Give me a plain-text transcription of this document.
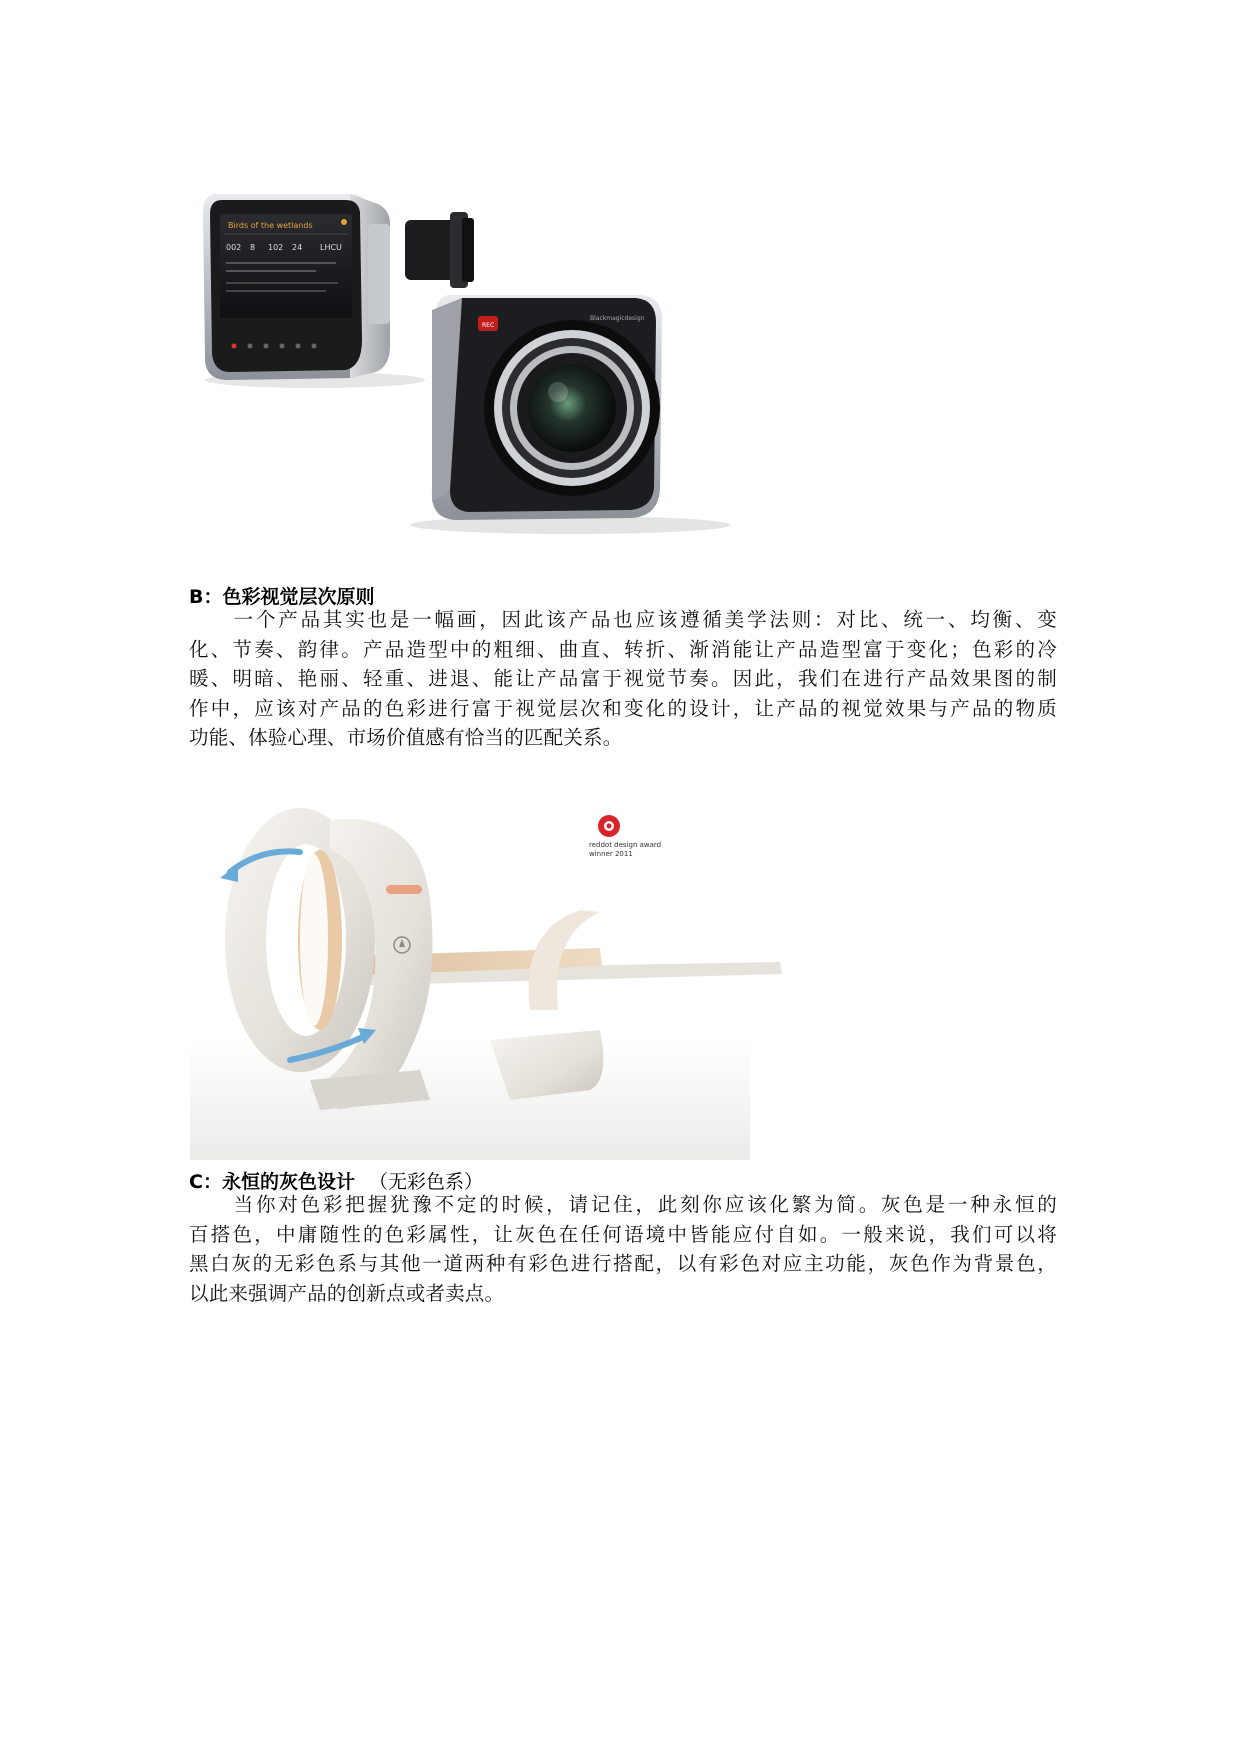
Birds of the wetlands
002 8 102 24 LHCU
REC
Blackmagicdesign
B：色彩视觉层次原则
　　一个产品其实也是一幅画，因此该产品也应该遵循美学法则：对比、统一、均衡、变
化、节奏、韵律。产品造型中的粗细、曲直、转折、渐消能让产品造型富于变化；色彩的冷
暖、明暗、艳丽、轻重、进退、能让产品富于视觉节奏。因此，我们在进行产品效果图的制
作中，应该对产品的色彩进行富于视觉层次和变化的设计，让产品的视觉效果与产品的物质
功能、体验心理、市场价值感有恰当的匹配关系。
reddot design award
winner 2011
C：永恒的灰色设计 （无彩色系）
　　当你对色彩把握犹豫不定的时候，请记住，此刻你应该化繁为简。灰色是一种永恒的
百搭色，中庸随性的色彩属性，让灰色在任何语境中皆能应付自如。一般来说，我们可以将
黑白灰的无彩色系与其他一道两种有彩色进行搭配，以有彩色对应主功能，灰色作为背景色，
以此来强调产品的创新点或者卖点。
